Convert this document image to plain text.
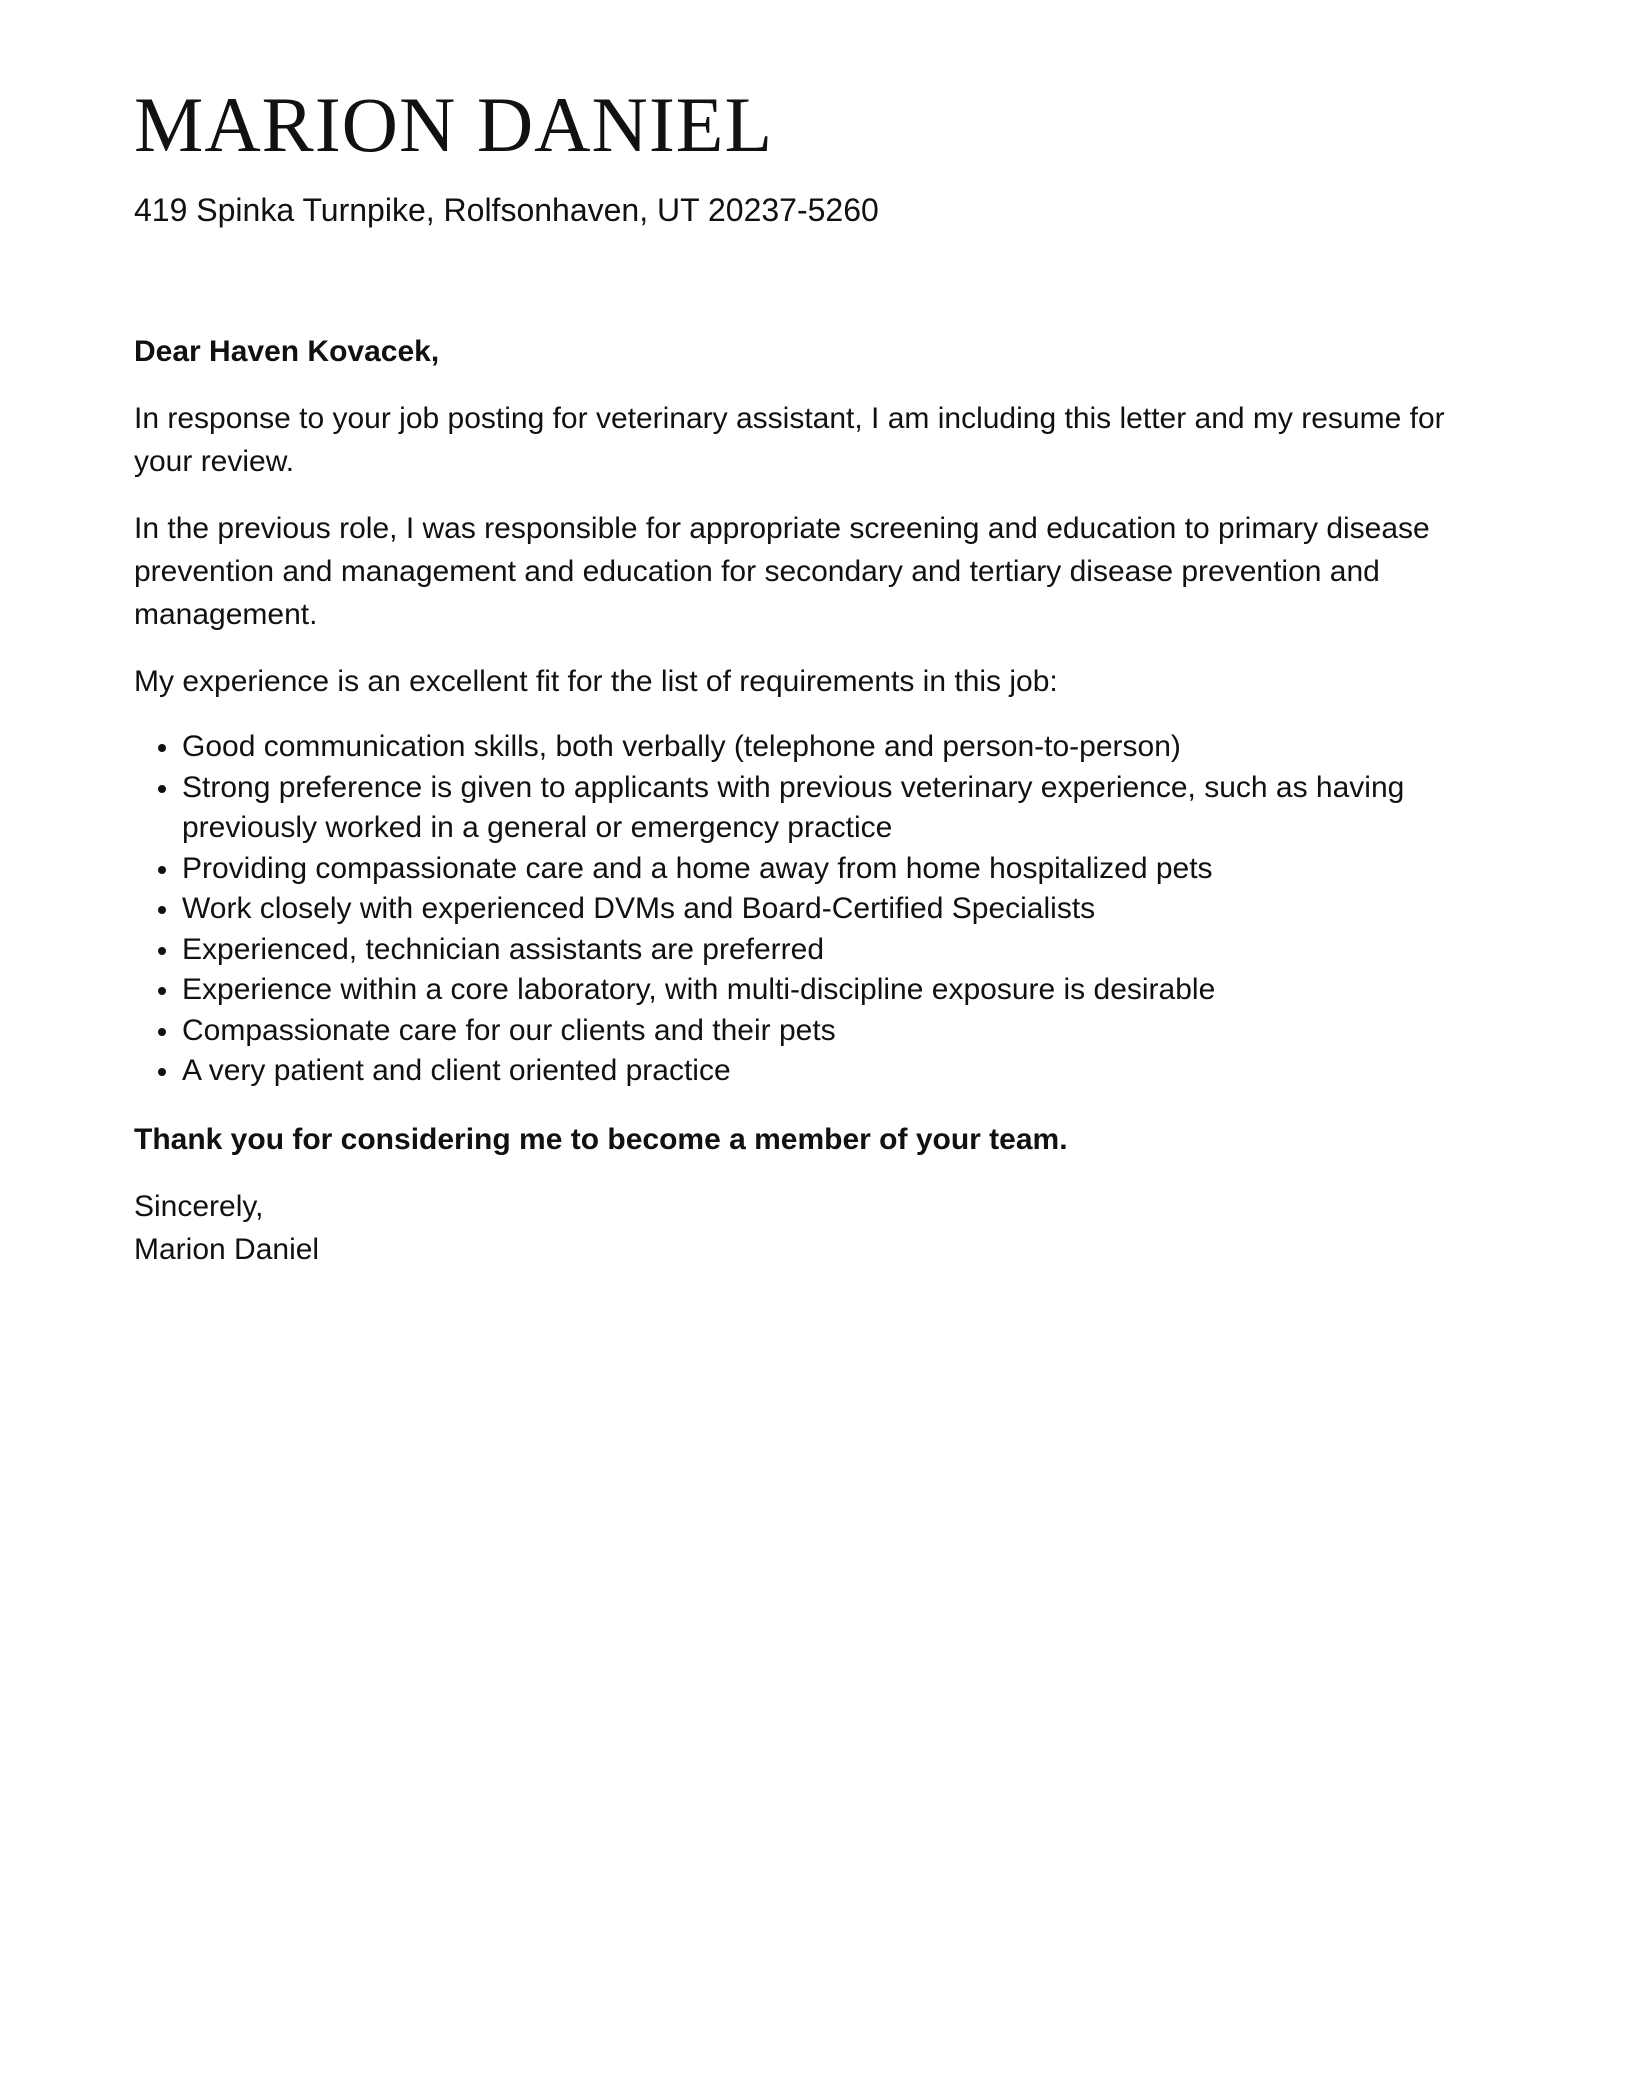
MARION DANIEL

419 Spinka Turnpike, Rolfsonhaven, UT 20237-5260

Dear Haven Kovacek,

In response to your job posting for veterinary assistant, I am including this letter and my resume for your review.

In the previous role, I was responsible for appropriate screening and education to primary disease prevention and management and education for secondary and tertiary disease prevention and management.

My experience is an excellent fit for the list of requirements in this job:

Good communication skills, both verbally (telephone and person-to-person)
Strong preference is given to applicants with previous veterinary experience, such as having previously worked in a general or emergency practice
Providing compassionate care and a home away from home hospitalized pets
Work closely with experienced DVMs and Board-Certified Specialists
Experienced, technician assistants are preferred
Experience within a core laboratory, with multi-discipline exposure is desirable
Compassionate care for our clients and their pets
A very patient and client oriented practice

Thank you for considering me to become a member of your team.

Sincerely,

Marion Daniel
